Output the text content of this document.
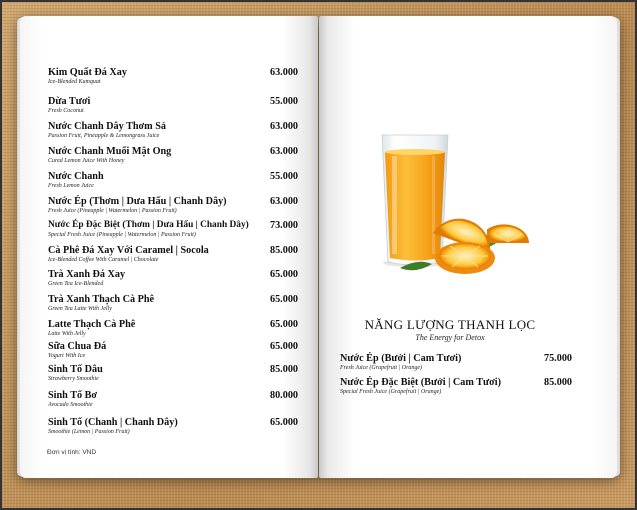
Kim Quất Đá Xay
Ice-Blended Kumquat
63.000
Dừa Tươi
Fresh Coconut
55.000
Nước Chanh Dây Thơm Sả
Passion Fruit, Pineapple & Lemongrass Juice
63.000
Nước Chanh Muối Mật Ong
Cured Lemon Juice With Honey
63.000
Nước Chanh
Fresh Lemon Juice
55.000
Nước Ép (Thơm | Dưa Hấu | Chanh Dây)
Fresh Juice (Pineapple | Watermelon | Passion Fruit)
63.000
Nước Ép Đặc Biệt (Thơm | Dưa Hấu | Chanh Dây)
Special Fresh Juice (Pineapple | Watermelon | Passion Fruit)
73.000
Cà Phê Đá Xay Với Caramel | Socola
Ice-Blended Coffee With Caramel | Chocolate
85.000
Trà Xanh Đá Xay
Green Tea Ice-Blended
65.000
Trà Xanh Thạch Cà Phê
Green Tea Latte With Jelly
65.000
Latte Thạch Cà Phê
Latte With Jelly
65.000
Sữa Chua Đá
Yogurt With Ice
65.000
Sinh Tố Dâu
Strawberry Smoothie
85.000
Sinh Tố Bơ
Avocado Smoothie
80.000
Sinh Tố (Chanh | Chanh Dây)
Smoothie (Lemon | Passion Fruit)
65.000
Đơn vị tính: VND
NĂNG LƯỢNG THANH LỌC
The Energy for Detox
Nước Ép (Bưởi | Cam Tươi)
Fresh Juice (Grapefruit | Orange)
75.000
Nước Ép Đặc Biệt (Bưởi | Cam Tươi)
Special Fresh Juice (Grapefruit | Orange)
85.000
